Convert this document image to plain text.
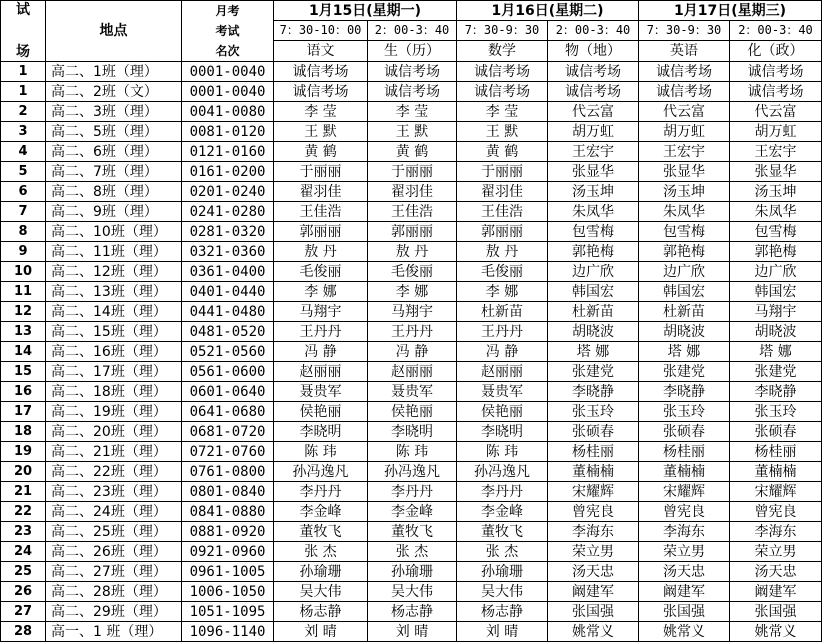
试
场	地点	月考
考试
名次	1月15日(星期一)		1月16日(星期二)		1月17日(星期三)	
			7：30-10：00	2：00-3：40	7：30-9：30	2：00-3：40	7：30-9：30	2：00-3：40
			语文	生（历）	数学	物（地）	英语	化（政）
1	高二、1班（理）	0001-0040	诚信考场	诚信考场	诚信考场	诚信考场	诚信考场	诚信考场
1	高二、2班（文）	0001-0040	诚信考场	诚信考场	诚信考场	诚信考场	诚信考场	诚信考场
2	高二、3班（理）	0041-0080	李 莹	李 莹	李 莹	代云富	代云富	代云富
3	高二、5班（理）	0081-0120	王 默	王 默	王 默	胡万虹	胡万虹	胡万虹
4	高二、6班（理）	0121-0160	黄 鹤	黄 鹤	黄 鹤	王宏宇	王宏宇	王宏宇
5	高二、7班（理）	0161-0200	于丽丽	于丽丽	于丽丽	张显华	张显华	张显华
6	高二、8班（理）	0201-0240	翟羽佳	翟羽佳	翟羽佳	汤玉坤	汤玉坤	汤玉坤
7	高二、9班（理）	0241-0280	王佳浩	王佳浩	王佳浩	朱凤华	朱凤华	朱凤华
8	高二、10班（理）	0281-0320	郭丽丽	郭丽丽	郭丽丽	包雪梅	包雪梅	包雪梅
9	高二、11班（理）	0321-0360	敖 丹	敖 丹	敖 丹	郭艳梅	郭艳梅	郭艳梅
10	高二、12班（理）	0361-0400	毛俊丽	毛俊丽	毛俊丽	边广欣	边广欣	边广欣
11	高二、13班（理）	0401-0440	李 娜	李 娜	李 娜	韩国宏	韩国宏	韩国宏
12	高二、14班（理）	0441-0480	马翔宇	马翔宇	杜新苗	杜新苗	杜新苗	马翔宇
13	高二、15班（理）	0481-0520	王丹丹	王丹丹	王丹丹	胡晓波	胡晓波	胡晓波
14	高二、16班（理）	0521-0560	冯 静	冯 静	冯 静	塔 娜	塔 娜	塔 娜
15	高二、17班（理）	0561-0600	赵丽丽	赵丽丽	赵丽丽	张建党	张建党	张建党
16	高二、18班（理）	0601-0640	聂贵军	聂贵军	聂贵军	李晓静	李晓静	李晓静
17	高二、19班（理）	0641-0680	侯艳丽	侯艳丽	侯艳丽	张玉玲	张玉玲	张玉玲
18	高二、20班（理）	0681-0720	李晓明	李晓明	李晓明	张硕春	张硕春	张硕春
19	高二、21班（理）	0721-0760	陈 玮	陈 玮	陈 玮	杨桂丽	杨桂丽	杨桂丽
20	高二、22班（理）	0761-0800	孙冯逸凡	孙冯逸凡	孙冯逸凡	董楠楠	董楠楠	董楠楠
21	高二、23班（理）	0801-0840	李丹丹	李丹丹	李丹丹	宋耀辉	宋耀辉	宋耀辉
22	高二、24班（理）	0841-0880	李金峰	李金峰	李金峰	曾宪良	曾宪良	曾宪良
23	高二、25班（理）	0881-0920	董牧飞	董牧飞	董牧飞	李海东	李海东	李海东
24	高二、26班（理）	0921-0960	张 杰	张 杰	张 杰	荣立男	荣立男	荣立男
25	高二、27班（理）	0961-1005	孙瑜珊	孙瑜珊	孙瑜珊	汤天忠	汤天忠	汤天忠
26	高二、28班（理）	1006-1050	吴大伟	吴大伟	吴大伟	阚建军	阚建军	阚建军
27	高二、29班（理）	1051-1095	杨志静	杨志静	杨志静	张国强	张国强	张国强
28	高一、1 班（理）	1096-1140	刘 晴	刘 晴	刘 晴	姚常义	姚常义	姚常义
